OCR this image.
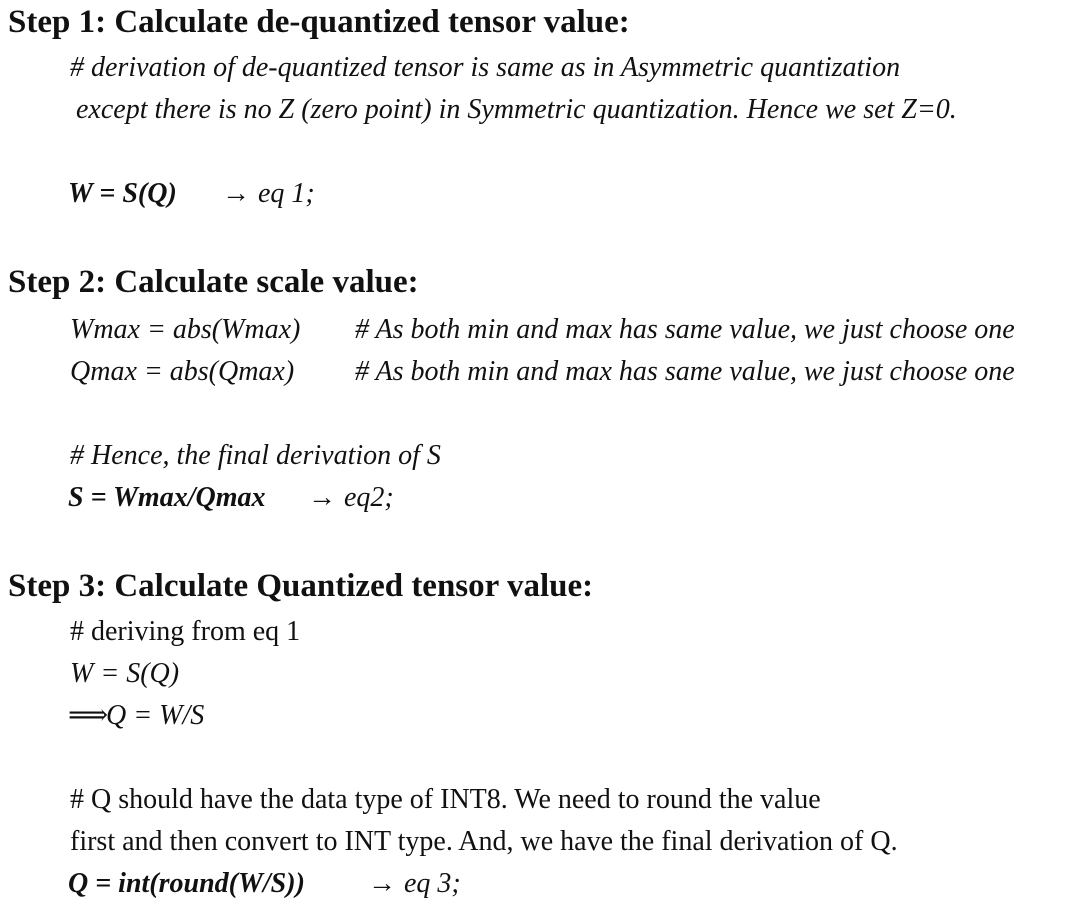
Step 1: Calculate de-quantized tensor value:
# derivation of de-quantized tensor is same as in Asymmetric quantization
except there is no Z (zero point) in Symmetric quantization. Hence we set Z=0.
W = S(Q) → eq 1;
Step 2: Calculate scale value:
Wmax = abs(Wmax) # As both min and max has same value, we just choose one
Qmax = abs(Qmax) # As both min and max has same value, we just choose one
# Hence, the final derivation of S
S = Wmax/Qmax → eq2;
Step 3: Calculate Quantized tensor value:
# deriving from eq 1
W = S(Q)
⟹
Q = W/S
# Q should have the data type of INT8. We need to round the value
first and then convert to INT type. And, we have the final derivation of Q.
Q = int(round(W/S)) → eq 3;
